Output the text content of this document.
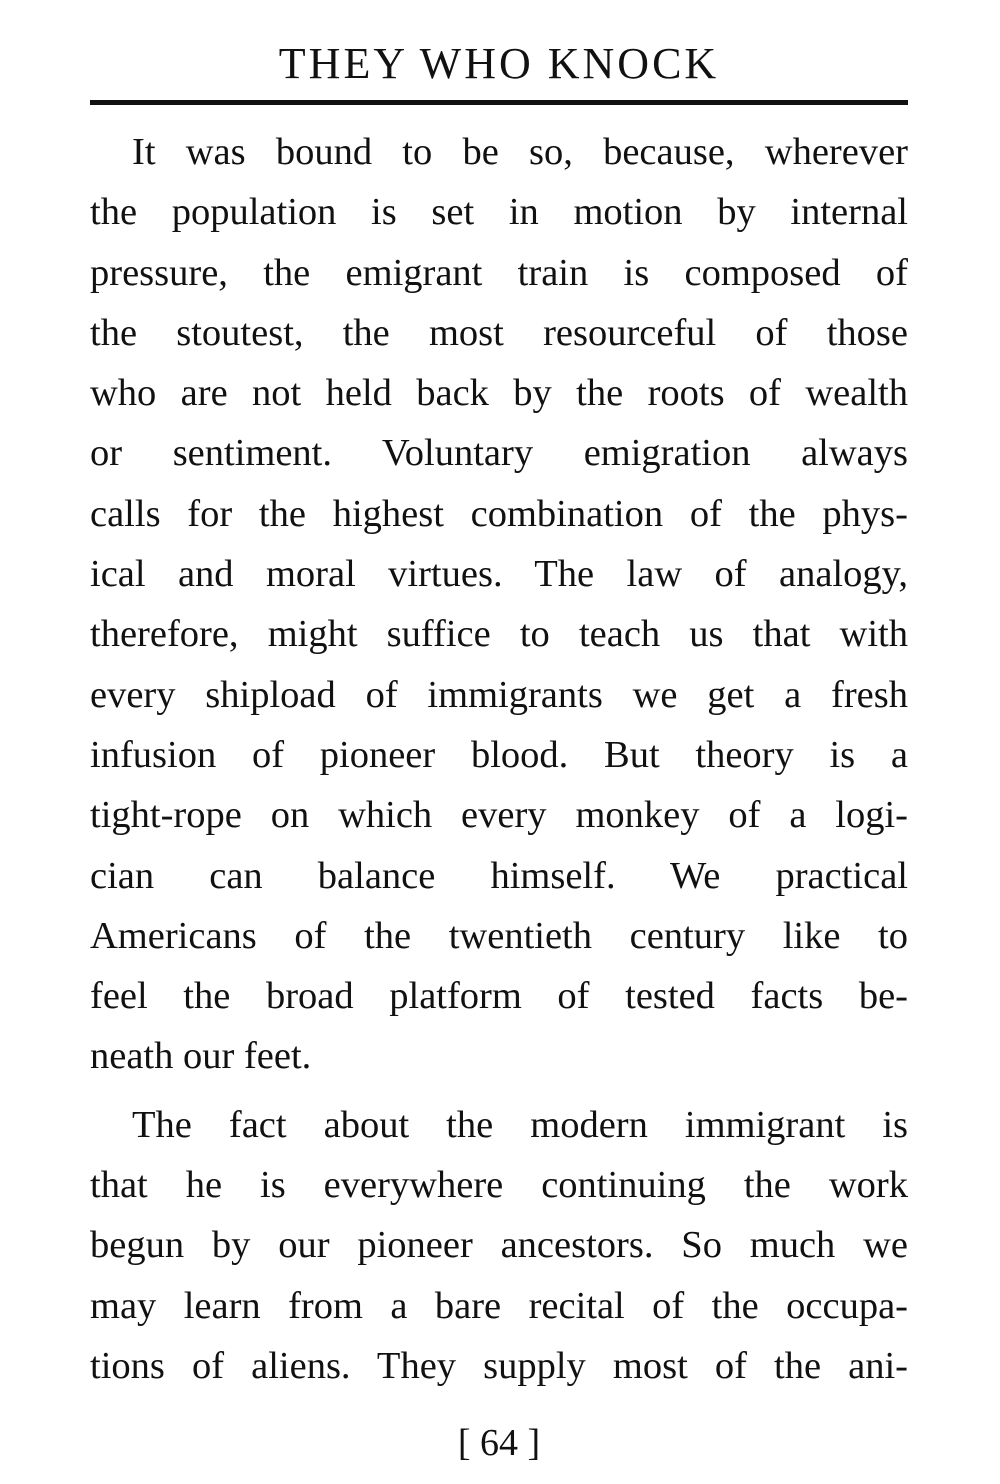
THEY WHO KNOCK
It was bound to be so, because, wherever
the population is set in motion by internal
pressure, the emigrant train is composed of
the stoutest, the most resourceful of those
who are not held back by the roots of wealth
or sentiment. Voluntary emigration always
calls for the highest combination of the phys-
ical and moral virtues. The law of analogy,
therefore, might suffice to teach us that with
every shipload of immigrants we get a fresh
infusion of pioneer blood. But theory is a
tight-rope on which every monkey of a logi-
cian can balance himself. We practical
Americans of the twentieth century like to
feel the broad platform of tested facts be-
neath our feet.
The fact about the modern immigrant is
that he is everywhere continuing the work
begun by our pioneer ancestors. So much we
may learn from a bare recital of the occupa-
tions of aliens. They supply most of the ani-
[ 64 ]
